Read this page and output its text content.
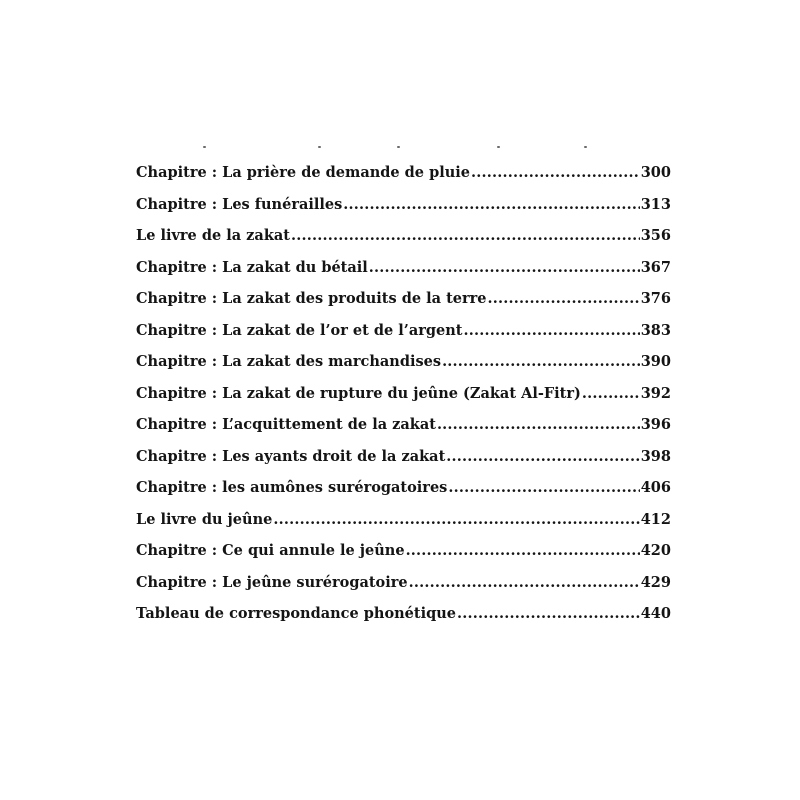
Chapitre : La prière de demande de pluie .....	300
Chapitre : Les funérailles .....	313
Le livre de la zakat .....	356
Chapitre : La zakat du bétail .....	367
Chapitre : La zakat des produits de la terre .....	376
Chapitre : La zakat de l’or et de l’argent .....	383
Chapitre : La zakat des marchandises .....	390
Chapitre : La zakat de rupture du jeûne (Zakat Al-Fitr) .....	392
Chapitre : L’acquittement de la zakat .....	396
Chapitre : Les ayants droit de la zakat .....	398
Chapitre : les aumônes surérogatoires .....	406
Le livre du jeûne .....	412
Chapitre : Ce qui annule le jeûne .....	420
Chapitre : Le jeûne surérogatoire .....	429
Tableau de correspondance phonétique .....	440
